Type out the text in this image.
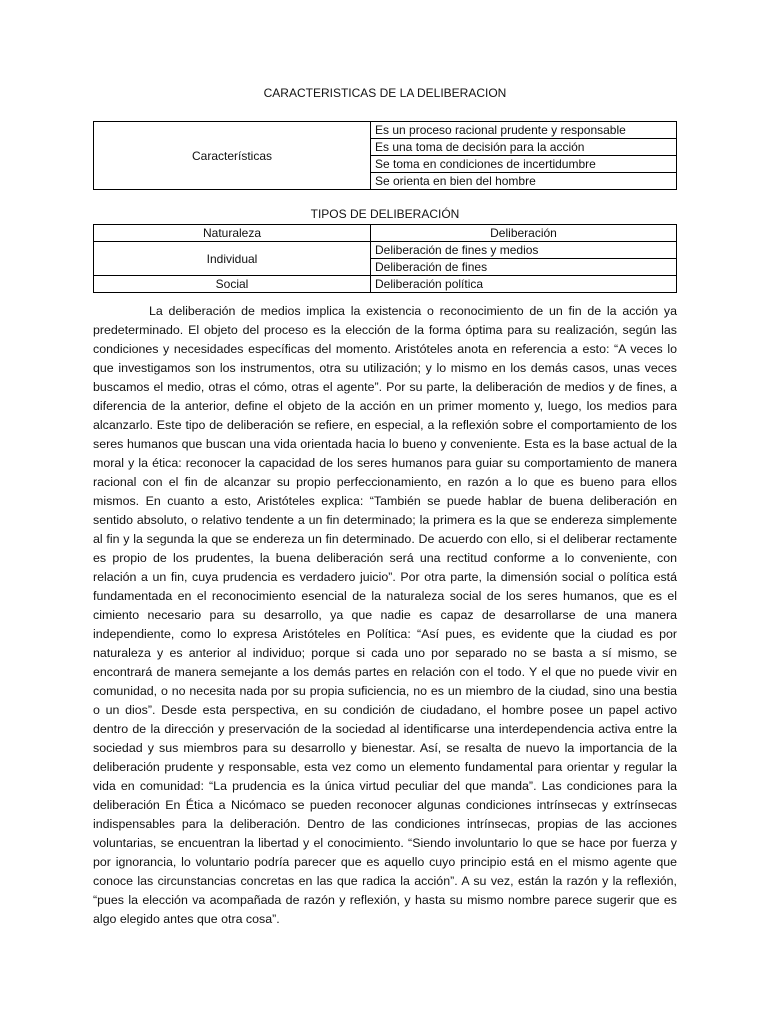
CARACTERISTICAS DE LA DELIBERACION
Características	Es un proceso racional prudente y responsable
Es una toma de decisión para la acción
Se toma en condiciones de incertidumbre
Se orienta en bien del hombre
TIPOS DE DELIBERACIÓN
Naturaleza	Deliberación
Individual	Deliberación de fines y medios
	Deliberación de fines
Social	Deliberación política

La deliberación de medios implica la existencia o reconocimiento de un fin de la acción ya predeterminado. El objeto del proceso es la elección de la forma óptima para su realización, según las condiciones y necesidades específicas del momento. Aristóteles anota en referencia a esto: “A veces lo que investigamos son los instrumentos, otra su utilización; y lo mismo en los demás casos, unas veces buscamos el medio, otras el cómo, otras el agente”. Por su parte, la deliberación de medios y de fines, a diferencia de la anterior, define el objeto de la acción en un primer momento y, luego, los medios para alcanzarlo. Este tipo de deliberación se refiere, en especial, a la reflexión sobre el comportamiento de los seres humanos que buscan una vida orientada hacia lo bueno y conveniente. Esta es la base actual de la moral y la ética: reconocer la capacidad de los seres humanos para guiar su comportamiento de manera racional con el fin de alcanzar su propio perfeccionamiento, en razón a lo que es bueno para ellos mismos. En cuanto a esto, Aristóteles explica: “También se puede hablar de buena deliberación en sentido absoluto, o relativo tendente a un fin determinado; la primera es la que se endereza simplemente al fin y la segunda la que se endereza un fin determinado. De acuerdo con ello, si el deliberar rectamente es propio de los prudentes, la buena deliberación será una rectitud conforme a lo conveniente, con relación a un fin, cuya prudencia es verdadero juicio”. Por otra parte, la dimensión social o política está fundamentada en el reconocimiento esencial de la naturaleza social de los seres humanos, que es el cimiento necesario para su desarrollo, ya que nadie es capaz de desarrollarse de una manera independiente, como lo expresa Aristóteles en Política: “Así pues, es evidente que la ciudad es por naturaleza y es anterior al individuo; porque si cada uno por separado no se basta a sí mismo, se encontrará de manera semejante a los demás partes en relación con el todo. Y el que no puede vivir en comunidad, o no necesita nada por su propia suficiencia, no es un miembro de la ciudad, sino una bestia o un dios”. Desde esta perspectiva, en su condición de ciudadano, el hombre posee un papel activo dentro de la dirección y preservación de la sociedad al identificarse una interdependencia activa entre la sociedad y sus miembros para su desarrollo y bienestar. Así, se resalta de nuevo la importancia de la deliberación prudente y responsable, esta vez como un elemento fundamental para orientar y regular la vida en comunidad: “La prudencia es la única virtud peculiar del que manda”. Las condiciones para la deliberación En Ética a Nicómaco se pueden reconocer algunas condiciones intrínsecas y extrínsecas indispensables para la deliberación. Dentro de las condiciones intrínsecas, propias de las acciones voluntarias, se encuentran la libertad y el conocimiento. “Siendo involuntario lo que se hace por fuerza y por ignorancia, lo voluntario podría parecer que es aquello cuyo principio está en el mismo agente que conoce las circunstancias concretas en las que radica la acción”. A su vez, están la razón y la reflexión, “pues la elección va acompañada de razón y reflexión, y hasta su mismo nombre parece sugerir que es algo elegido antes que otra cosa”.
